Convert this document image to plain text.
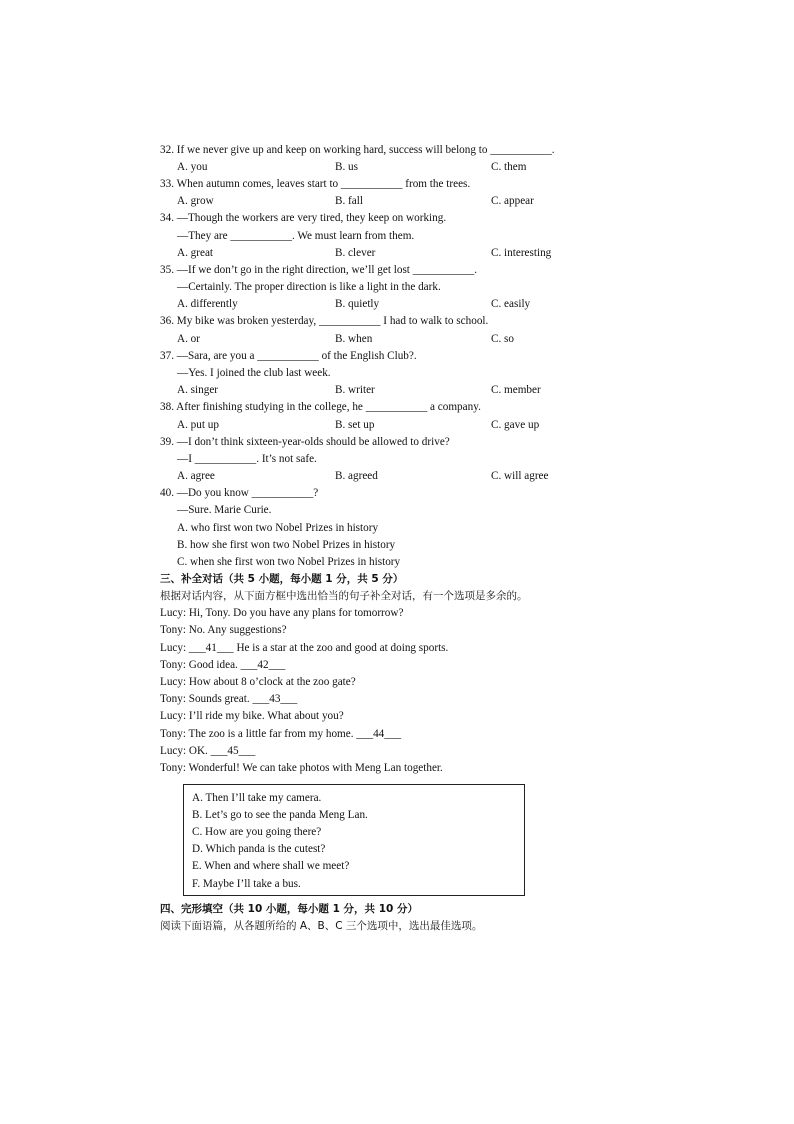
32. If we never give up and keep on working hard, success will belong to ___________.
A. you	B. us	C. them
33. When autumn comes, leaves start to ___________ from the trees.
A. grow	B. fall	C. appear
34. —Though the workers are very tired, they keep on working.
—They are ___________. We must learn from them.
A. great	B. clever	C. interesting
35. —If we don’t go in the right direction, we’ll get lost ___________.
—Certainly. The proper direction is like a light in the dark.
A. differently	B. quietly	C. easily
36. My bike was broken yesterday, ___________ I had to walk to school.
A. or	B. when	C. so
37. —Sara, are you a ___________ of the English Club?.
—Yes. I joined the club last week.
A. singer	B. writer	C. member
38. After finishing studying in the college, he ___________ a company.
A. put up	B. set up	C. gave up
39. —I don’t think sixteen-year-olds should be allowed to drive?
—I ___________. It’s not safe.
A. agree	B. agreed	C. will agree
40. —Do you know ___________?
—Sure. Marie Curie.
A. who first won two Nobel Prizes in history
B. how she first won two Nobel Prizes in history
C. when she first won two Nobel Prizes in history
三、补全对话（共 5 小题，每小题 1 分，共 5 分）
根据对话内容，从下面方框中选出恰当的句子补全对话，有一个选项是多余的。
Lucy: Hi, Tony. Do you have any plans for tomorrow?
Tony: No. Any suggestions?
Lucy: ___41___ He is a star at the zoo and good at doing sports.
Tony: Good idea. ___42___
Lucy: How about 8 o’clock at the zoo gate?
Tony: Sounds great. ___43___
Lucy: I’ll ride my bike. What about you?
Tony: The zoo is a little far from my home. ___44___
Lucy: OK. ___45___
Tony: Wonderful! We can take photos with Meng Lan together.
A. Then I’ll take my camera.
B. Let’s go to see the panda Meng Lan.
C. How are you going there?
D. Which panda is the cutest?
E. When and where shall we meet?
F. Maybe I’ll take a bus.
四、完形填空（共 10 小题，每小题 1 分，共 10 分）
阅读下面语篇，从各题所给的 A、B、C 三个选项中，选出最佳选项。
